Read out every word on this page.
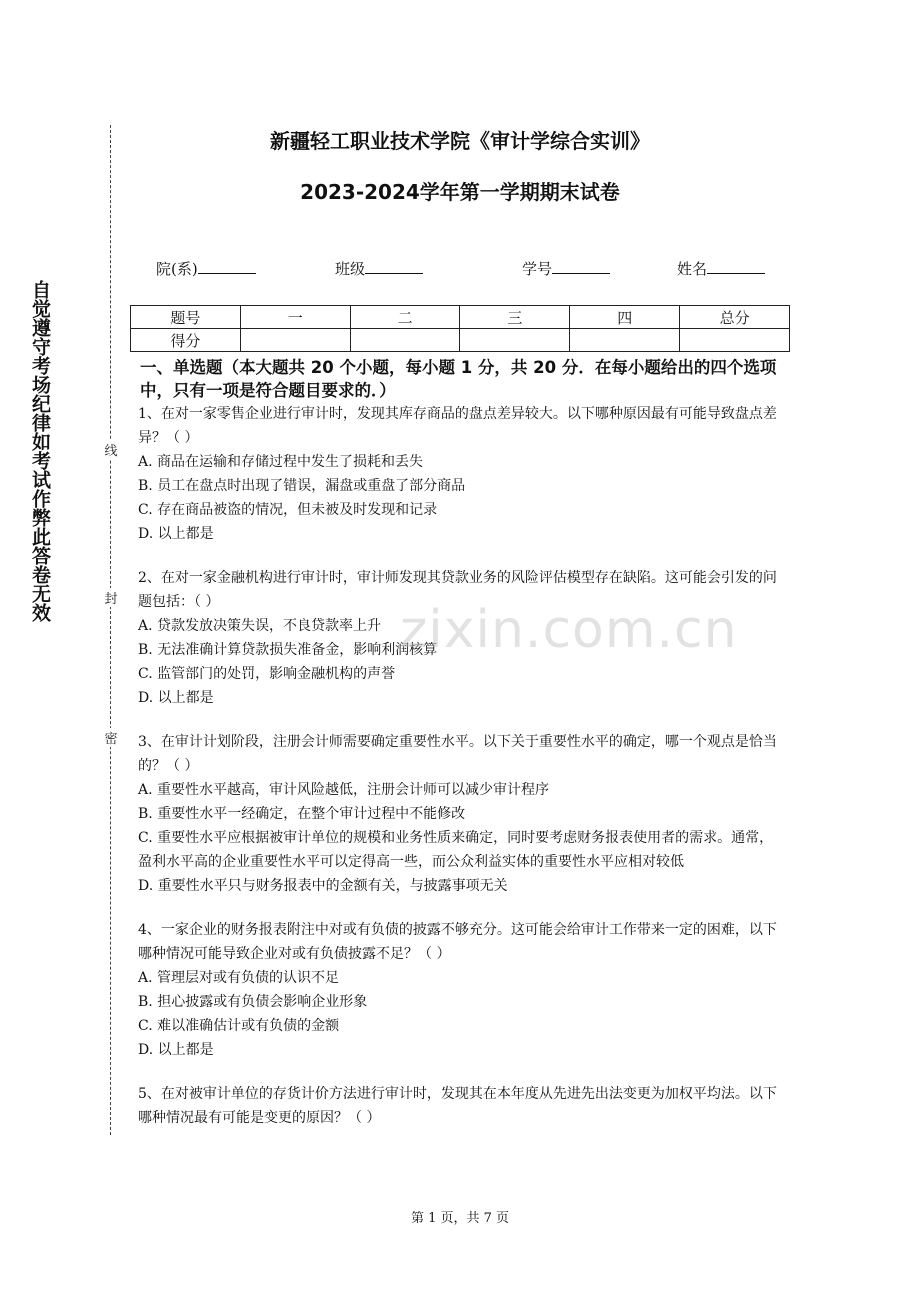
自觉遵守考场纪律如考试作弊此答卷无效	线
封
密
新疆轻工职业技术学院《审计学综合实训》
2023-2024学年第一学期期末试卷
院(系)	班级	学号	姓名
题号	一	二	三	四	总分
得分					
一、单选题（本大题共 20 个小题，每小题 1 分，共 20 分．在每小题给出的四个选项中，只有一项是符合题目要求的．）

1、在对一家零售企业进行审计时，发现其库存商品的盘点差异较大。以下哪种原因最有可能导致盘点差异？（ ）

A. 商品在运输和存储过程中发生了损耗和丢失

B. 员工在盘点时出现了错误，漏盘或重盘了部分商品

C. 存在商品被盗的情况，但未被及时发现和记录

D. 以上都是

2、在对一家金融机构进行审计时，审计师发现其贷款业务的风险评估模型存在缺陷。这可能会引发的问题包括：（ ）

A. 贷款发放决策失误，不良贷款率上升

B. 无法准确计算贷款损失准备金，影响利润核算

C. 监管部门的处罚，影响金融机构的声誉

D. 以上都是

3、在审计计划阶段，注册会计师需要确定重要性水平。以下关于重要性水平的确定，哪一个观点是恰当的？（ ）

A. 重要性水平越高，审计风险越低，注册会计师可以减少审计程序

B. 重要性水平一经确定，在整个审计过程中不能修改

C. 重要性水平应根据被审计单位的规模和业务性质来确定，同时要考虑财务报表使用者的需求。通常，盈利水平高的企业重要性水平可以定得高一些，而公众利益实体的重要性水平应相对较低

D. 重要性水平只与财务报表中的金额有关，与披露事项无关

4、一家企业的财务报表附注中对或有负债的披露不够充分。这可能会给审计工作带来一定的困难，以下哪种情况可能导致企业对或有负债披露不足？（ ）

A. 管理层对或有负债的认识不足

B. 担心披露或有负债会影响企业形象

C. 难以准确估计或有负债的金额

D. 以上都是

5、在对被审计单位的存货计价方法进行审计时，发现其在本年度从先进先出法变更为加权平均法。以下哪种情况最有可能是变更的原因？（ ）

zixin.com.cn
第 1 页，共 7 页
